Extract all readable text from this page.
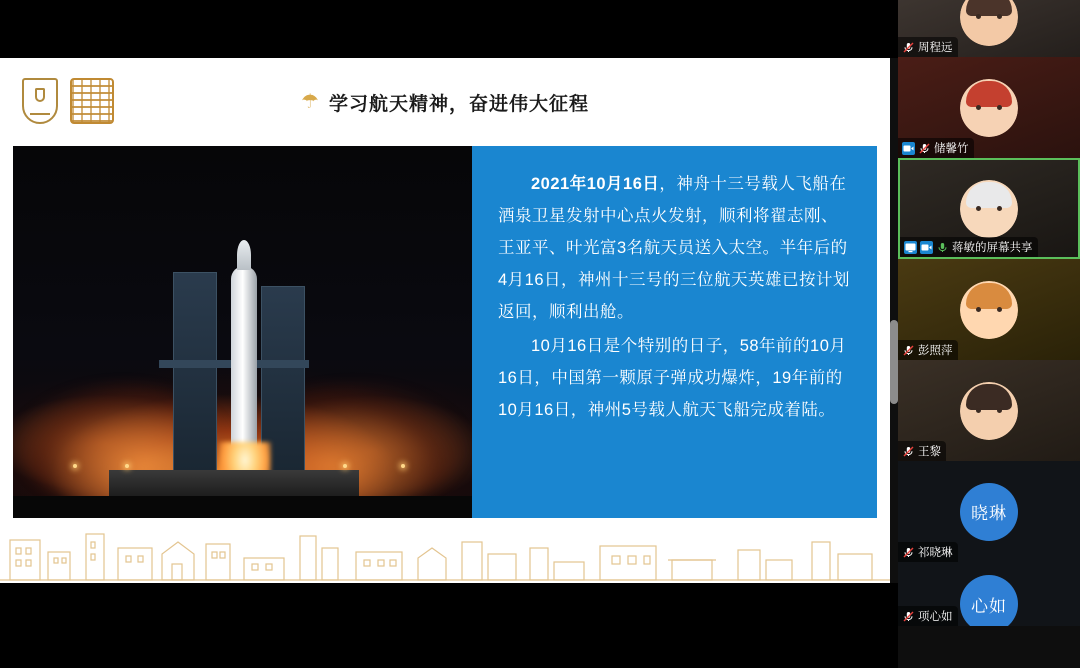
☂ 学习航天精神，奋进伟大征程

2021年10月16日，神舟十三号载人飞船在酒泉卫星发射中心点火发射，顺利将翟志刚、王亚平、叶光富3名航天员送入太空。半年后的4月16日，神州十三号的三位航天英雄已按计划返回，顺利出舱。

10月16日是个特别的日子，58年前的10月16日，中国第一颗原子弹成功爆炸，19年前的10月16日，神州5号载人航天飞船完成着陆。

周程远
储馨竹
蒋敏的屏幕共享
彭照萍
王黎
晓琳
祁晓琳
心如
项心如
